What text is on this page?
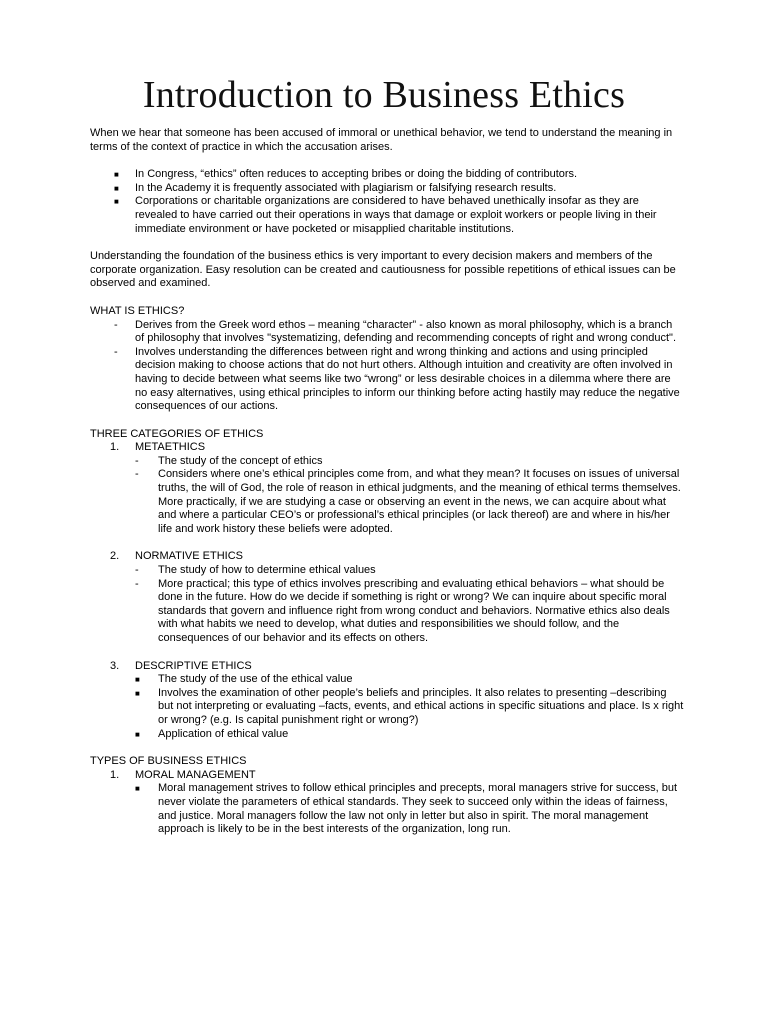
Introduction to Business Ethics

When we hear that someone has been accused of immoral or unethical behavior, we tend to understand the meaning in terms of the context of practice in which the accusation arises.

■ In Congress, “ethics” often reduces to accepting bribes or doing the bidding of contributors.
■ In the Academy it is frequently associated with plagiarism or falsifying research results.
■ Corporations or charitable organizations are considered to have behaved unethically insofar as they are revealed to have carried out their operations in ways that damage or exploit workers or people living in their immediate environment or have pocketed or misapplied charitable institutions.

Understanding the foundation of the business ethics is very important to every decision makers and members of the corporate organization. Easy resolution can be created and cautiousness for possible repetitions of ethical issues can be observed and examined.

WHAT IS ETHICS?

- Derives from the Greek word ethos – meaning “character” - also known as moral philosophy, which is a branch of philosophy that involves "systematizing, defending and recommending concepts of right and wrong conduct".
- Involves understanding the differences between right and wrong thinking and actions and using principled decision making to choose actions that do not hurt others. Although intuition and creativity are often involved in having to decide between what seems like two “wrong” or less desirable choices in a dilemma where there are no easy alternatives, using ethical principles to inform our thinking before acting hastily may reduce the negative consequences of our actions.

THREE CATEGORIES OF ETHICS

1. METAETHICS
- The study of the concept of ethics
- Considers where one’s ethical principles come from, and what they mean? It focuses on issues of universal truths, the will of God, the role of reason in ethical judgments, and the meaning of ethical terms themselves. More practically, if we are studying a case or observing an event in the news, we can acquire about what and where a particular CEO’s or professional’s ethical principles (or lack thereof) are and where in his/her life and work history these beliefs were adopted.
2. NORMATIVE ETHICS
- The study of how to determine ethical values
- More practical; this type of ethics involves prescribing and evaluating ethical behaviors – what should be done in the future. How do we decide if something is right or wrong? We can inquire about specific moral standards that govern and influence right from wrong conduct and behaviors. Normative ethics also deals with what habits we need to develop, what duties and responsibilities we should follow, and the consequences of our behavior and its effects on others.
3. DESCRIPTIVE ETHICS
■ The study of the use of the ethical value
■ Involves the examination of other people’s beliefs and principles. It also relates to presenting –describing but not interpreting or evaluating –facts, events, and ethical actions in specific situations and place. Is x right or wrong? (e.g. Is capital punishment right or wrong?)
■ Application of ethical value

TYPES OF BUSINESS ETHICS

1. MORAL MANAGEMENT
■ Moral management strives to follow ethical principles and precepts, moral managers strive for success, but never violate the parameters of ethical standards. They seek to succeed only within the ideas of fairness, and justice. Moral managers follow the law not only in letter but also in spirit. The moral management approach is likely to be in the best interests of the organization, long run.
